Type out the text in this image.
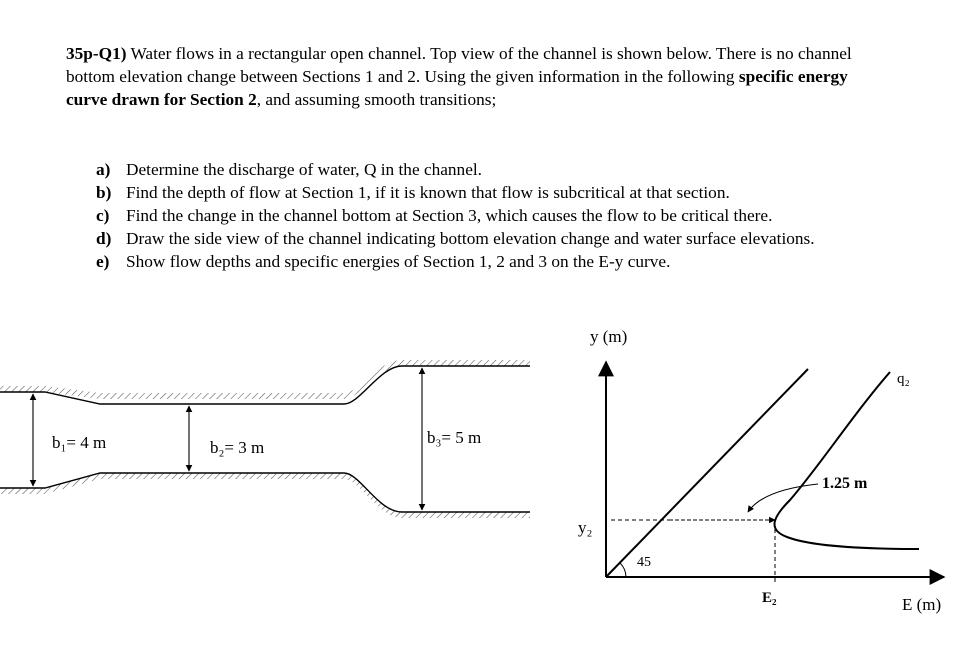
35p-Q1) Water flows in a rectangular open channel. Top view of the channel is shown below. There is no channel bottom elevation change between Sections 1 and 2. Using the given information in the following specific energy curve drawn for Section 2, and assuming smooth transitions;
a) Determine the discharge of water, Q in the channel.
b) Find the depth of flow at Section 1, if it is known that flow is subcritical at that section.
c) Find the change in the channel bottom at Section 3, which causes the flow to be critical there.
d) Draw the side view of the channel indicating bottom elevation change and water surface elevations.
e) Show flow depths and specific energies of Section 1, 2 and 3 on the E-y curve.
b₁= 4 m	b₂= 3 m
b₃= 5 m
y (m)
E (m)
45
q₂
y₂
E₂
1.25 m
